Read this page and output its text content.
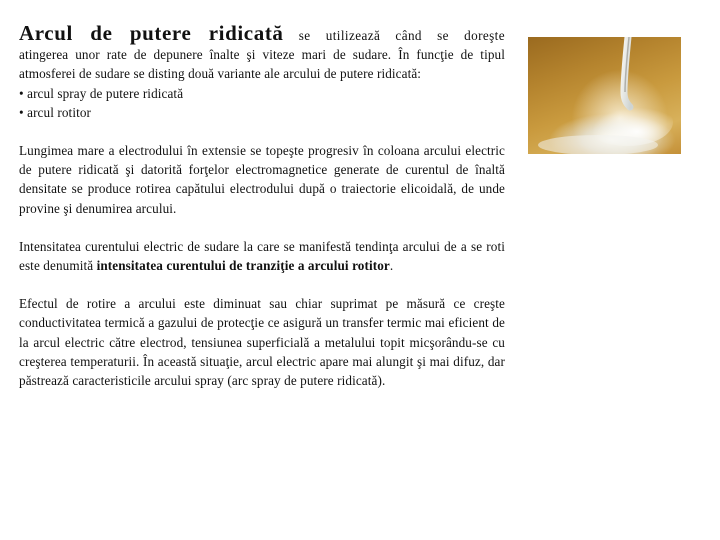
Arcul de putere ridicată se utilizează când se doreşte
atingerea unor rate de depunere înalte şi viteze mari de sudare. În funcţie de tipul atmosferei de sudare se disting două variante ale arcului de putere ridicată:

• arcul spray de putere ridicată
• arcul rotitor

Lungimea mare a electrodului în extensie se topeşte progresiv în coloana arcului electric de putere ridicată şi datorită forţelor electromagnetice generate de curentul de înaltă densitate se produce rotirea capătului electrodului după o traiectorie elicoidală, de unde provine şi denumirea arcului.

Intensitatea curentului electric de sudare la care se manifestă tendinţa arcului de a se roti este denumită intensitatea curentului de tranziţie a arcului rotitor.

Efectul de rotire a arcului este diminuat sau chiar suprimat pe măsură ce creşte conductivitatea termică a gazului de protecţie ce asigură un transfer termic mai eficient de la arcul electric către electrod, tensiunea superficială a metalului topit micşorându-se cu creşterea temperaturii. În această situaţie, arcul electric apare mai alungit şi mai difuz, dar păstrează caracteristicile arcului spray (arc spray de putere ridicată).
